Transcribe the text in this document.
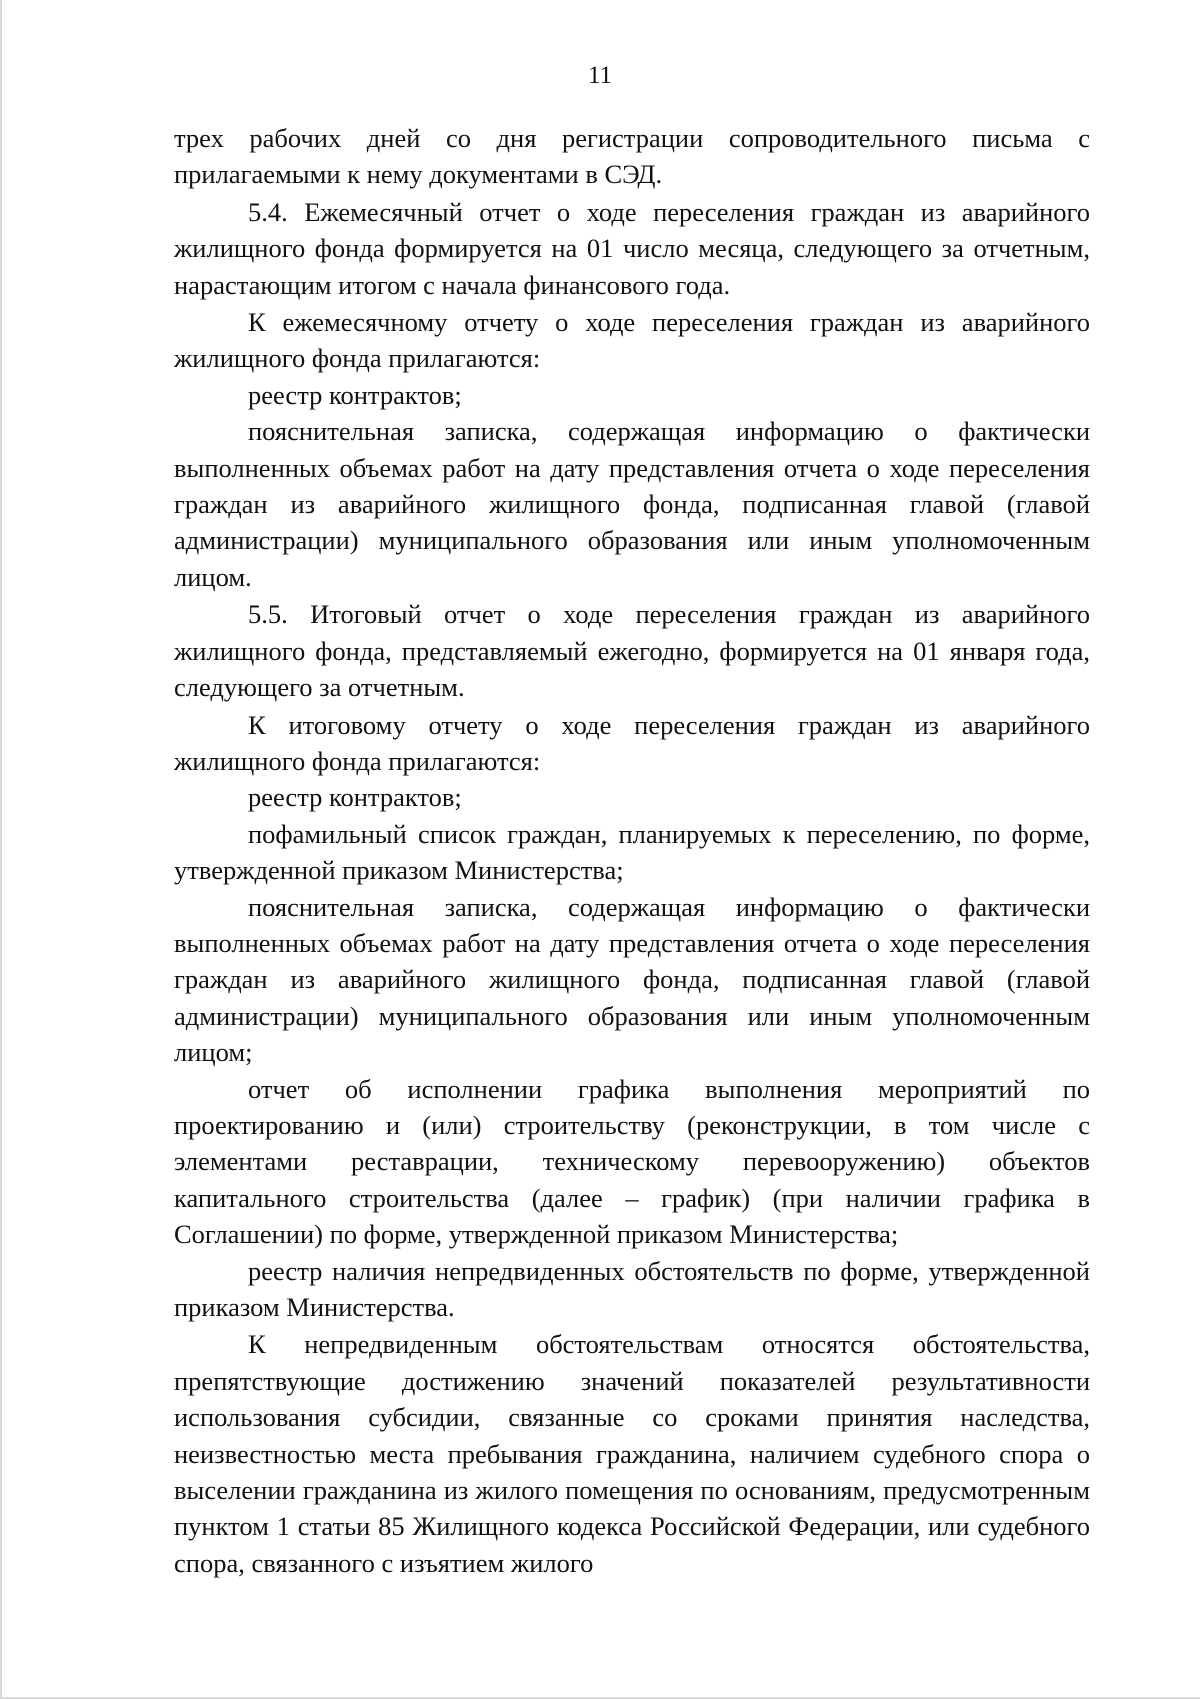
11

трех рабочих дней со дня регистрации сопроводительного письма с прилагаемыми к нему документами в СЭД.

5.4. Ежемесячный отчет о ходе переселения граждан из аварийного жилищного фонда формируется на 01 число месяца, следующего за отчетным, нарастающим итогом с начала финансового года.

К ежемесячному отчету о ходе переселения граждан из аварийного жилищного фонда прилагаются:

реестр контрактов;

пояснительная записка, содержащая информацию о фактически выполненных объемах работ на дату представления отчета о ходе переселения граждан из аварийного жилищного фонда, подписанная главой (главой администрации) муниципального образования или иным уполномоченным лицом.

5.5. Итоговый отчет о ходе переселения граждан из аварийного жилищного фонда, представляемый ежегодно, формируется на 01 января года, следующего за отчетным.

К итоговому отчету о ходе переселения граждан из аварийного жилищного фонда прилагаются:

реестр контрактов;

пофамильный список граждан, планируемых к переселению, по форме, утвержденной приказом Министерства;

пояснительная записка, содержащая информацию о фактически выполненных объемах работ на дату представления отчета о ходе переселения граждан из аварийного жилищного фонда, подписанная главой (главой администрации) муниципального образования или иным уполномоченным лицом;

отчет об исполнении графика выполнения мероприятий по проектированию и (или) строительству (реконструкции, в том числе с элементами реставрации, техническому перевооружению) объектов капитального строительства (далее – график) (при наличии графика в Соглашении) по форме, утвержденной приказом Министерства;

реестр наличия непредвиденных обстоятельств по форме, утвержденной приказом Министерства.

К непредвиденным обстоятельствам относятся обстоятельства, препятствующие достижению значений показателей результативности использования субсидии, связанные со сроками принятия наследства, неизвестностью места пребывания гражданина, наличием судебного спора о выселении гражданина из жилого помещения по основаниям, предусмотренным пунктом 1 статьи 85 Жилищного кодекса Российской Федерации, или судебного спора, связанного с изъятием жилого
